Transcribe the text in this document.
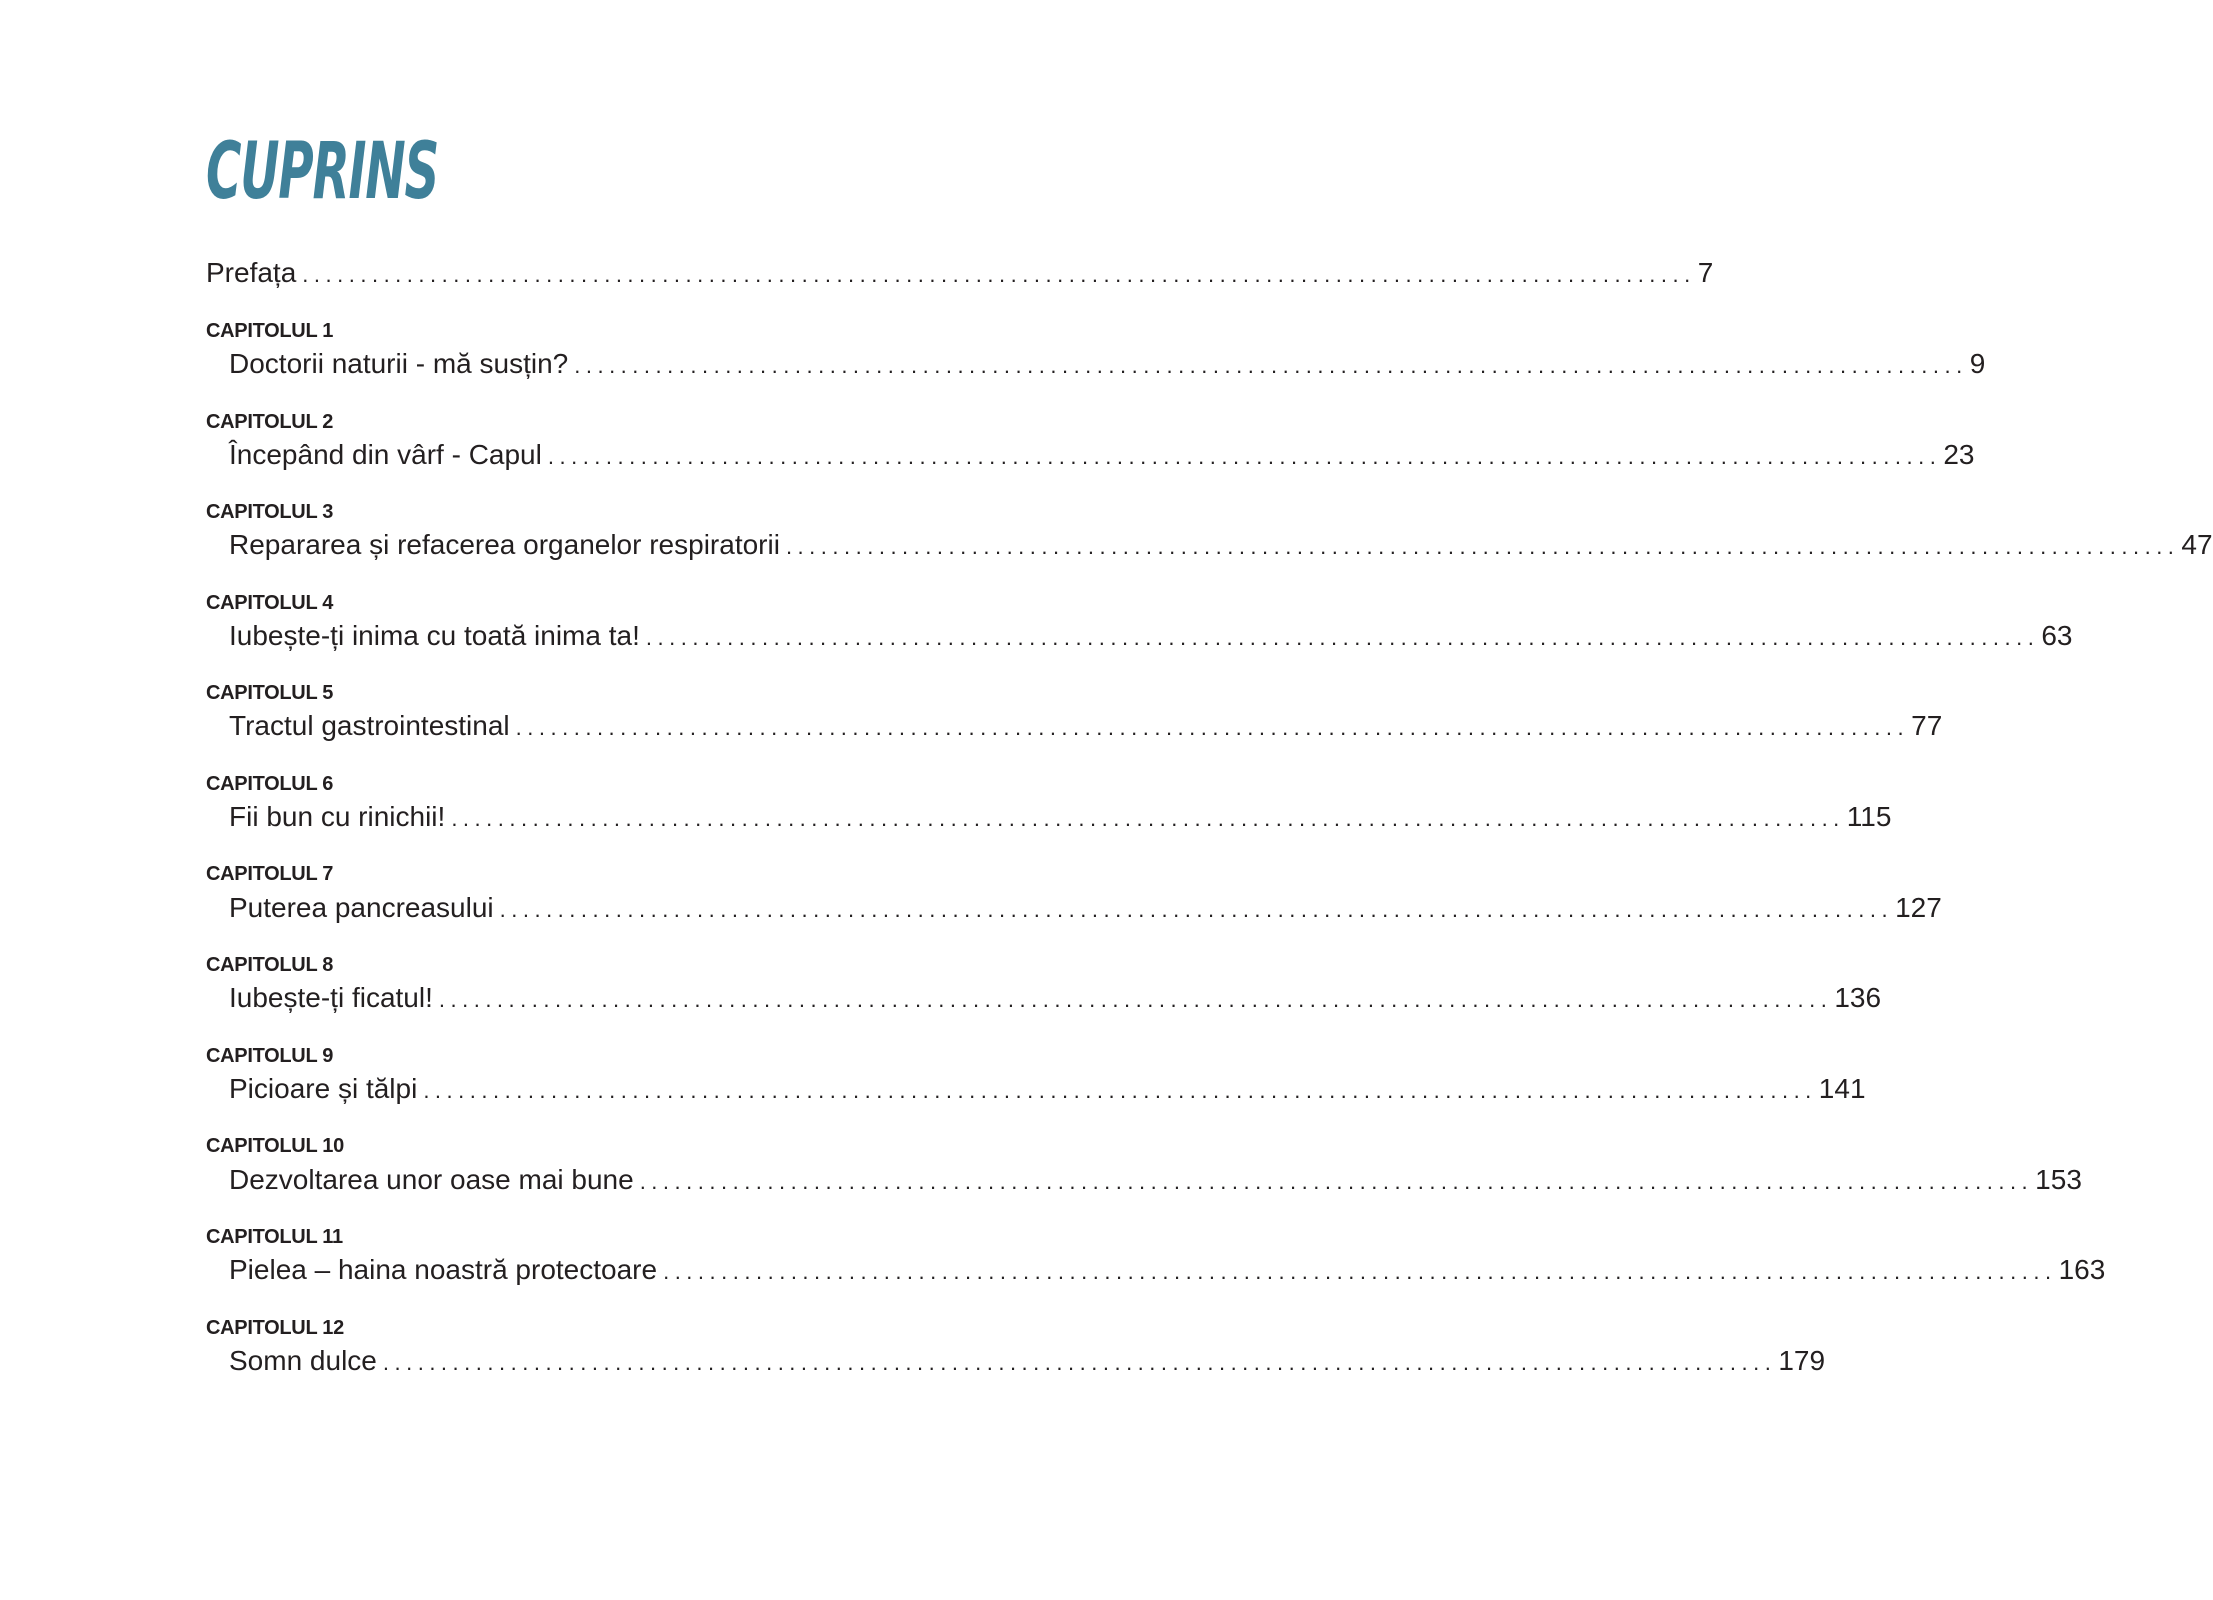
CUPRINS
Prefața ........................................................................................................................ 7
CAPITOLUL 1
Doctorii naturii - mă susțin? ........................................................................................................................ 9
CAPITOLUL 2
Începând din vârf - Capul ........................................................................................................................ 23
CAPITOLUL 3
Repararea și refacerea organelor respiratorii ........................................................................................................................ 47
CAPITOLUL 4
Iubește-ți inima cu toată inima ta! ........................................................................................................................ 63
CAPITOLUL 5
Tractul gastrointestinal ........................................................................................................................ 77
CAPITOLUL 6
Fii bun cu rinichii! ........................................................................................................................ 115
CAPITOLUL 7
Puterea pancreasului ........................................................................................................................ 127
CAPITOLUL 8
Iubește-ți ficatul! ........................................................................................................................ 136
CAPITOLUL 9
Picioare și tălpi ........................................................................................................................ 141
CAPITOLUL 10
Dezvoltarea unor oase mai bune ........................................................................................................................ 153
CAPITOLUL 11
Pielea – haina noastră protectoare ........................................................................................................................ 163
CAPITOLUL 12
Somn dulce ........................................................................................................................ 179
